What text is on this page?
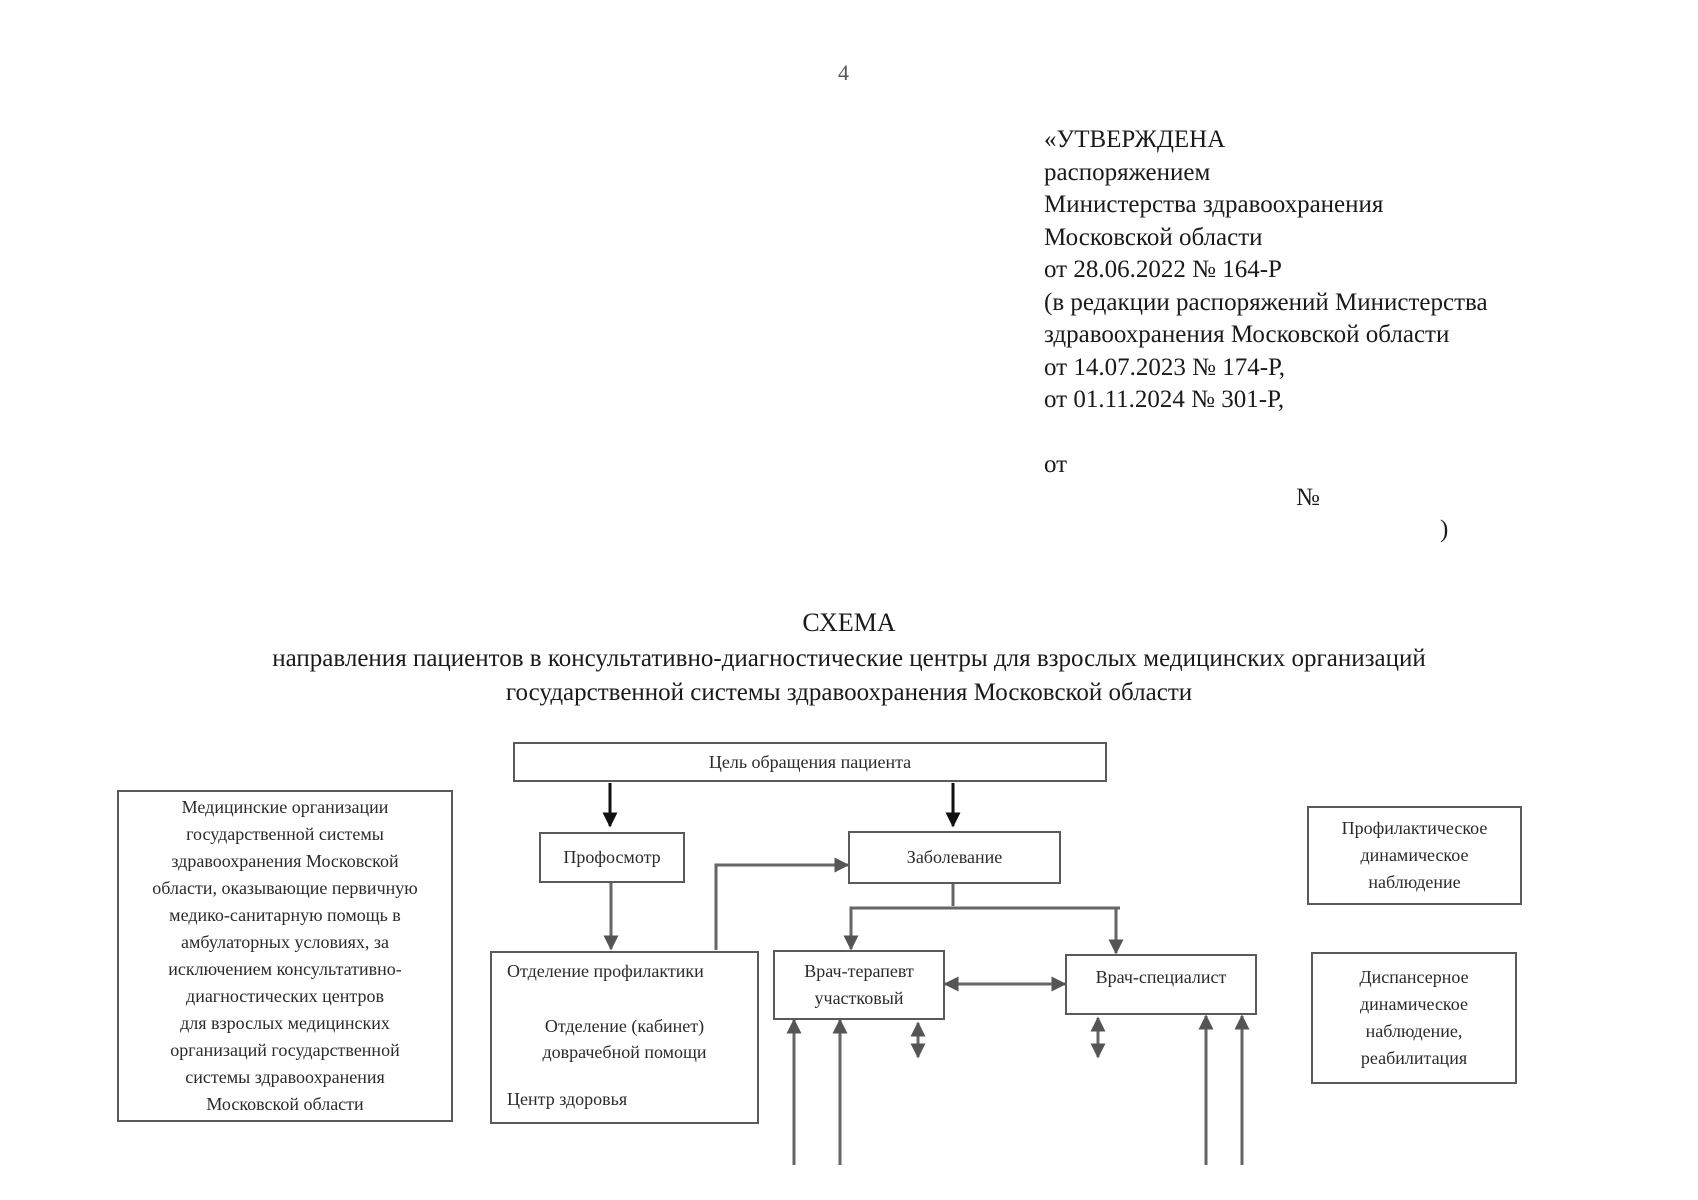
4
«УТВЕРЖДЕНА
распоряжением
Министерства здравоохранения
Московской области
от 28.06.2022 № 164-Р
(в редакции распоряжений Министерства
здравоохранения Московской области
от 14.07.2023 № 174-Р,
от 01.11.2024 № 301-Р,

от

№

)

СХЕМА
направления пациентов в консультативно-диагностические центры для взрослых медицинских организаций
государственной системы здравоохранения Московской области
Цель обращения пациента
Медицинские организации
государственной системы
здравоохранения Московской
области, оказывающие первичную
медико-санитарную помощь в
амбулаторных условиях, за
исключением консультативно-
диагностических центров
для взрослых медицинских
организаций государственной
системы здравоохранения
Московской области
Профосмотр	Заболевание
Отделение профилактики
Отделение (кабинет)
доврачебной помощи
Центр здоровья
Врач-терапевт
участковый
Врач-специалист
Профилактическое
динамическое
наблюдение
Диспансерное
динамическое
наблюдение,
реабилитация
